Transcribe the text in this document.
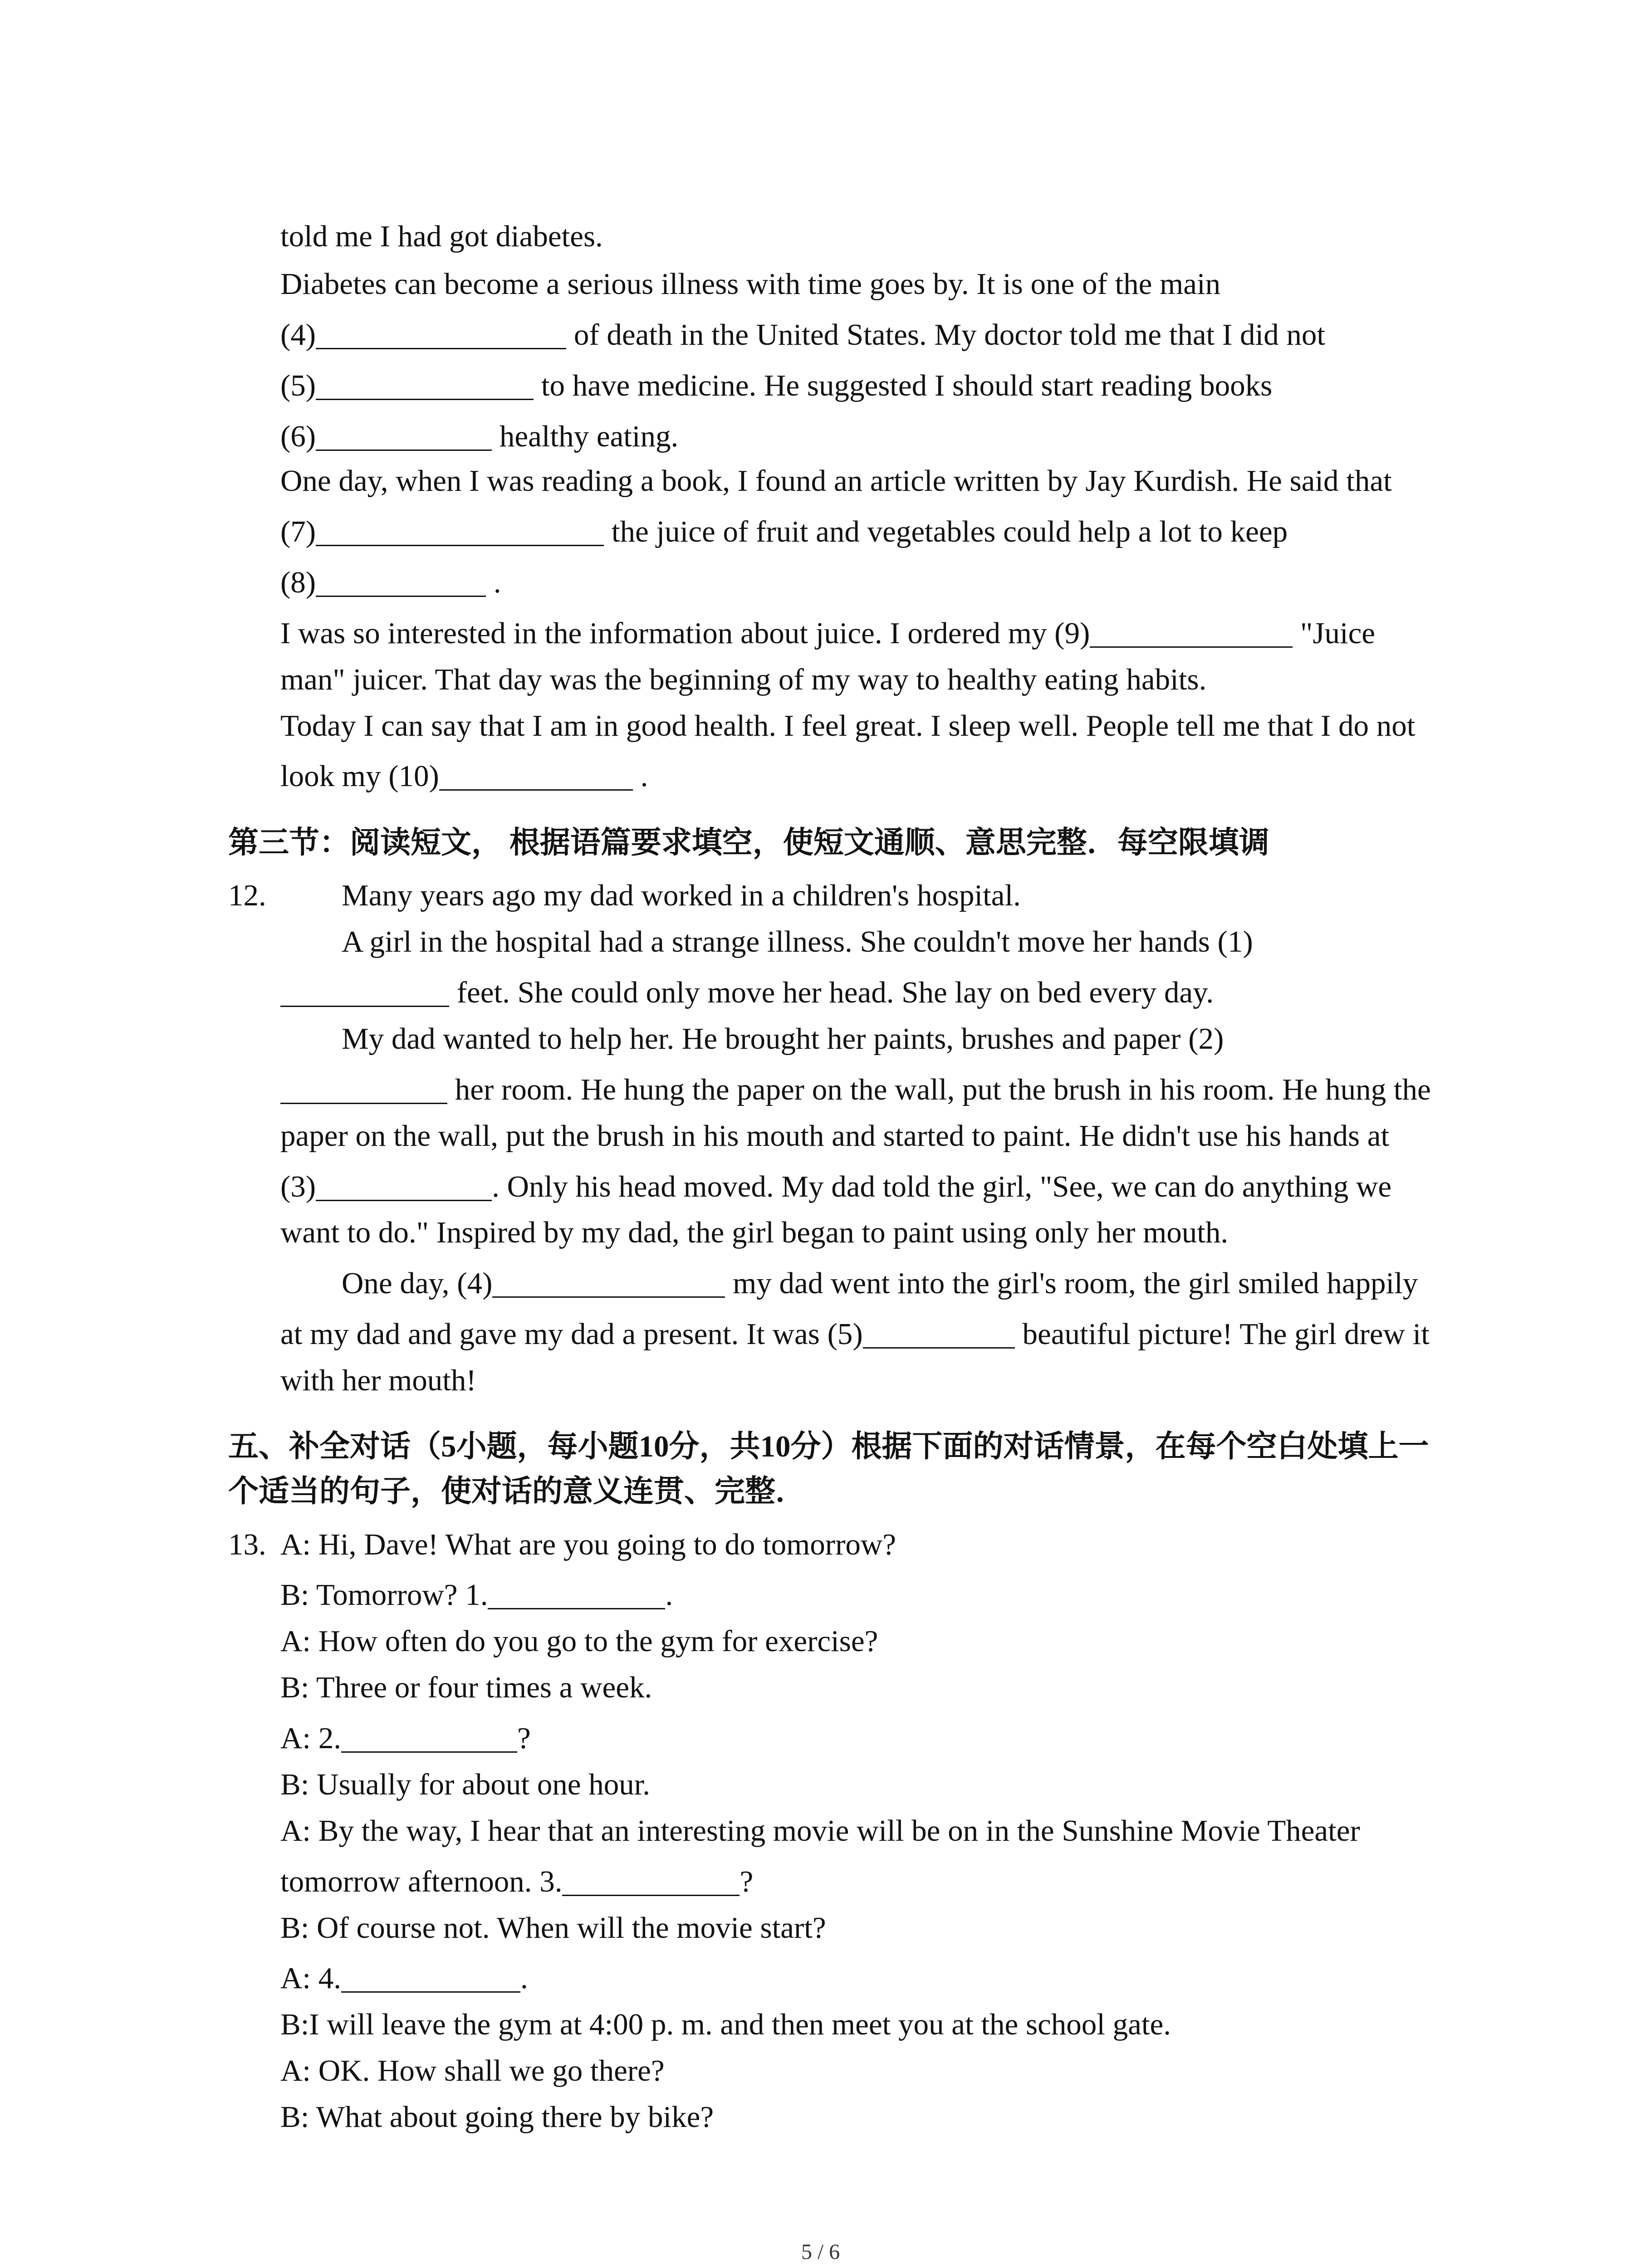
told me I had got diabetes.
Diabetes can become a serious illness with time goes by. It is one of the main
(4)	of death in the United States. My doctor told me that I did not
(5)	to have medicine. He suggested I should start reading books
(6)	healthy eating.
One day, when I was reading a book, I found an article written by Jay Kurdish. He said that
(7)	the juice of fruit and vegetables could help a lot to keep
(8)	.
I was so interested in the information about juice. I ordered my (9)	"Juice
man" juicer. That day was the beginning of my way to healthy eating habits.
Today I can say that I am in good health. I feel great. I sleep well. People tell me that I do not
look my (10)	.
第三节：阅读短文， 根据语篇要求填空，使短文通顺、意思完整．每空限填调
12. Many years ago my dad worked in a children's hospital.
A girl in the hospital had a strange illness. She couldn't move her hands (1)
feet. She could only move her head. She lay on bed every day.
My dad wanted to help her. He brought her paints, brushes and paper (2)
her room. He hung the paper on the wall, put the brush in his room. He hung the
paper on the wall, put the brush in his mouth and started to paint. He didn't use his hands at
(3)	. Only his head moved. My dad told the girl, "See, we can do anything we
want to do." Inspired by my dad, the girl began to paint using only her mouth.
One day, (4)	my dad went into the girl's room, the girl smiled happily
at my dad and gave my dad a present. It was (5)	beautiful picture! The girl drew it
with her mouth!
五、补全对话（5小题，每小题10分，共10分）根据下面的对话情景，在每个空白处填上一
个适当的句子，使对话的意义连贯、完整．
13. A: Hi, Dave! What are you going to do tomorrow?
B: Tomorrow? 1.	.
A: How often do you go to the gym for exercise?
B: Three or four times a week.
A: 2.	?
B: Usually for about one hour.
A: By the way, I hear that an interesting movie will be on in the Sunshine Movie Theater
tomorrow afternoon. 3.	?
B: Of course not. When will the movie start?
A: 4.	.
B:I will leave the gym at 4:00 p. m. and then meet you at the school gate.
A: OK. How shall we go there?
B: What about going there by bike?
5 / 6
